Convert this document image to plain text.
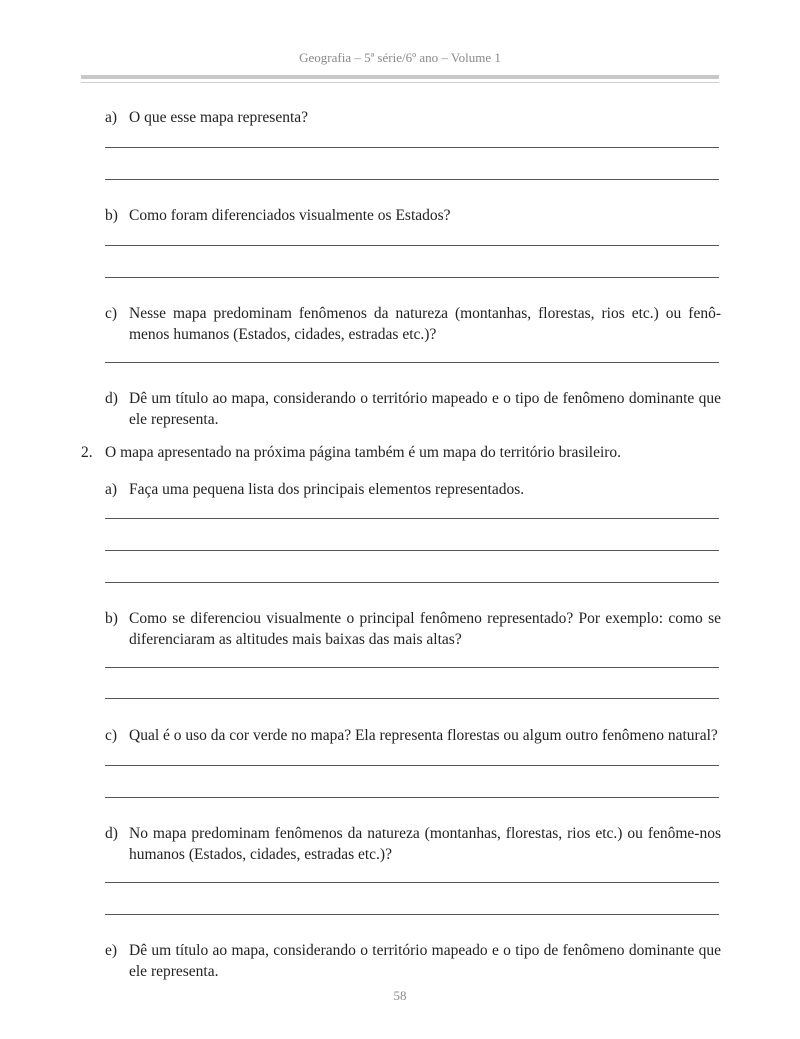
Geografia – 5ª série/6º ano – Volume 1
a) O que esse mapa representa?

b) Como foram diferenciados visualmente os Estados?

c) Nesse mapa predominam fenômenos da natureza (montanhas, florestas, rios etc.) ou fenô-menos humanos (Estados, cidades, estradas etc.)?

d) Dê um título ao mapa, considerando o território mapeado e o tipo de fenômeno dominante que ele representa.

2. O mapa apresentado na próxima página também é um mapa do território brasileiro.

a) Faça uma pequena lista dos principais elementos representados.

b) Como se diferenciou visualmente o principal fenômeno representado? Por exemplo: como se diferenciaram as altitudes mais baixas das mais altas?

c) Qual é o uso da cor verde no mapa? Ela representa florestas ou algum outro fenômeno natural?

d) No mapa predominam fenômenos da natureza (montanhas, florestas, rios etc.) ou fenôme-nos humanos (Estados, cidades, estradas etc.)?

e) Dê um título ao mapa, considerando o território mapeado e o tipo de fenômeno dominante que ele representa.

58
